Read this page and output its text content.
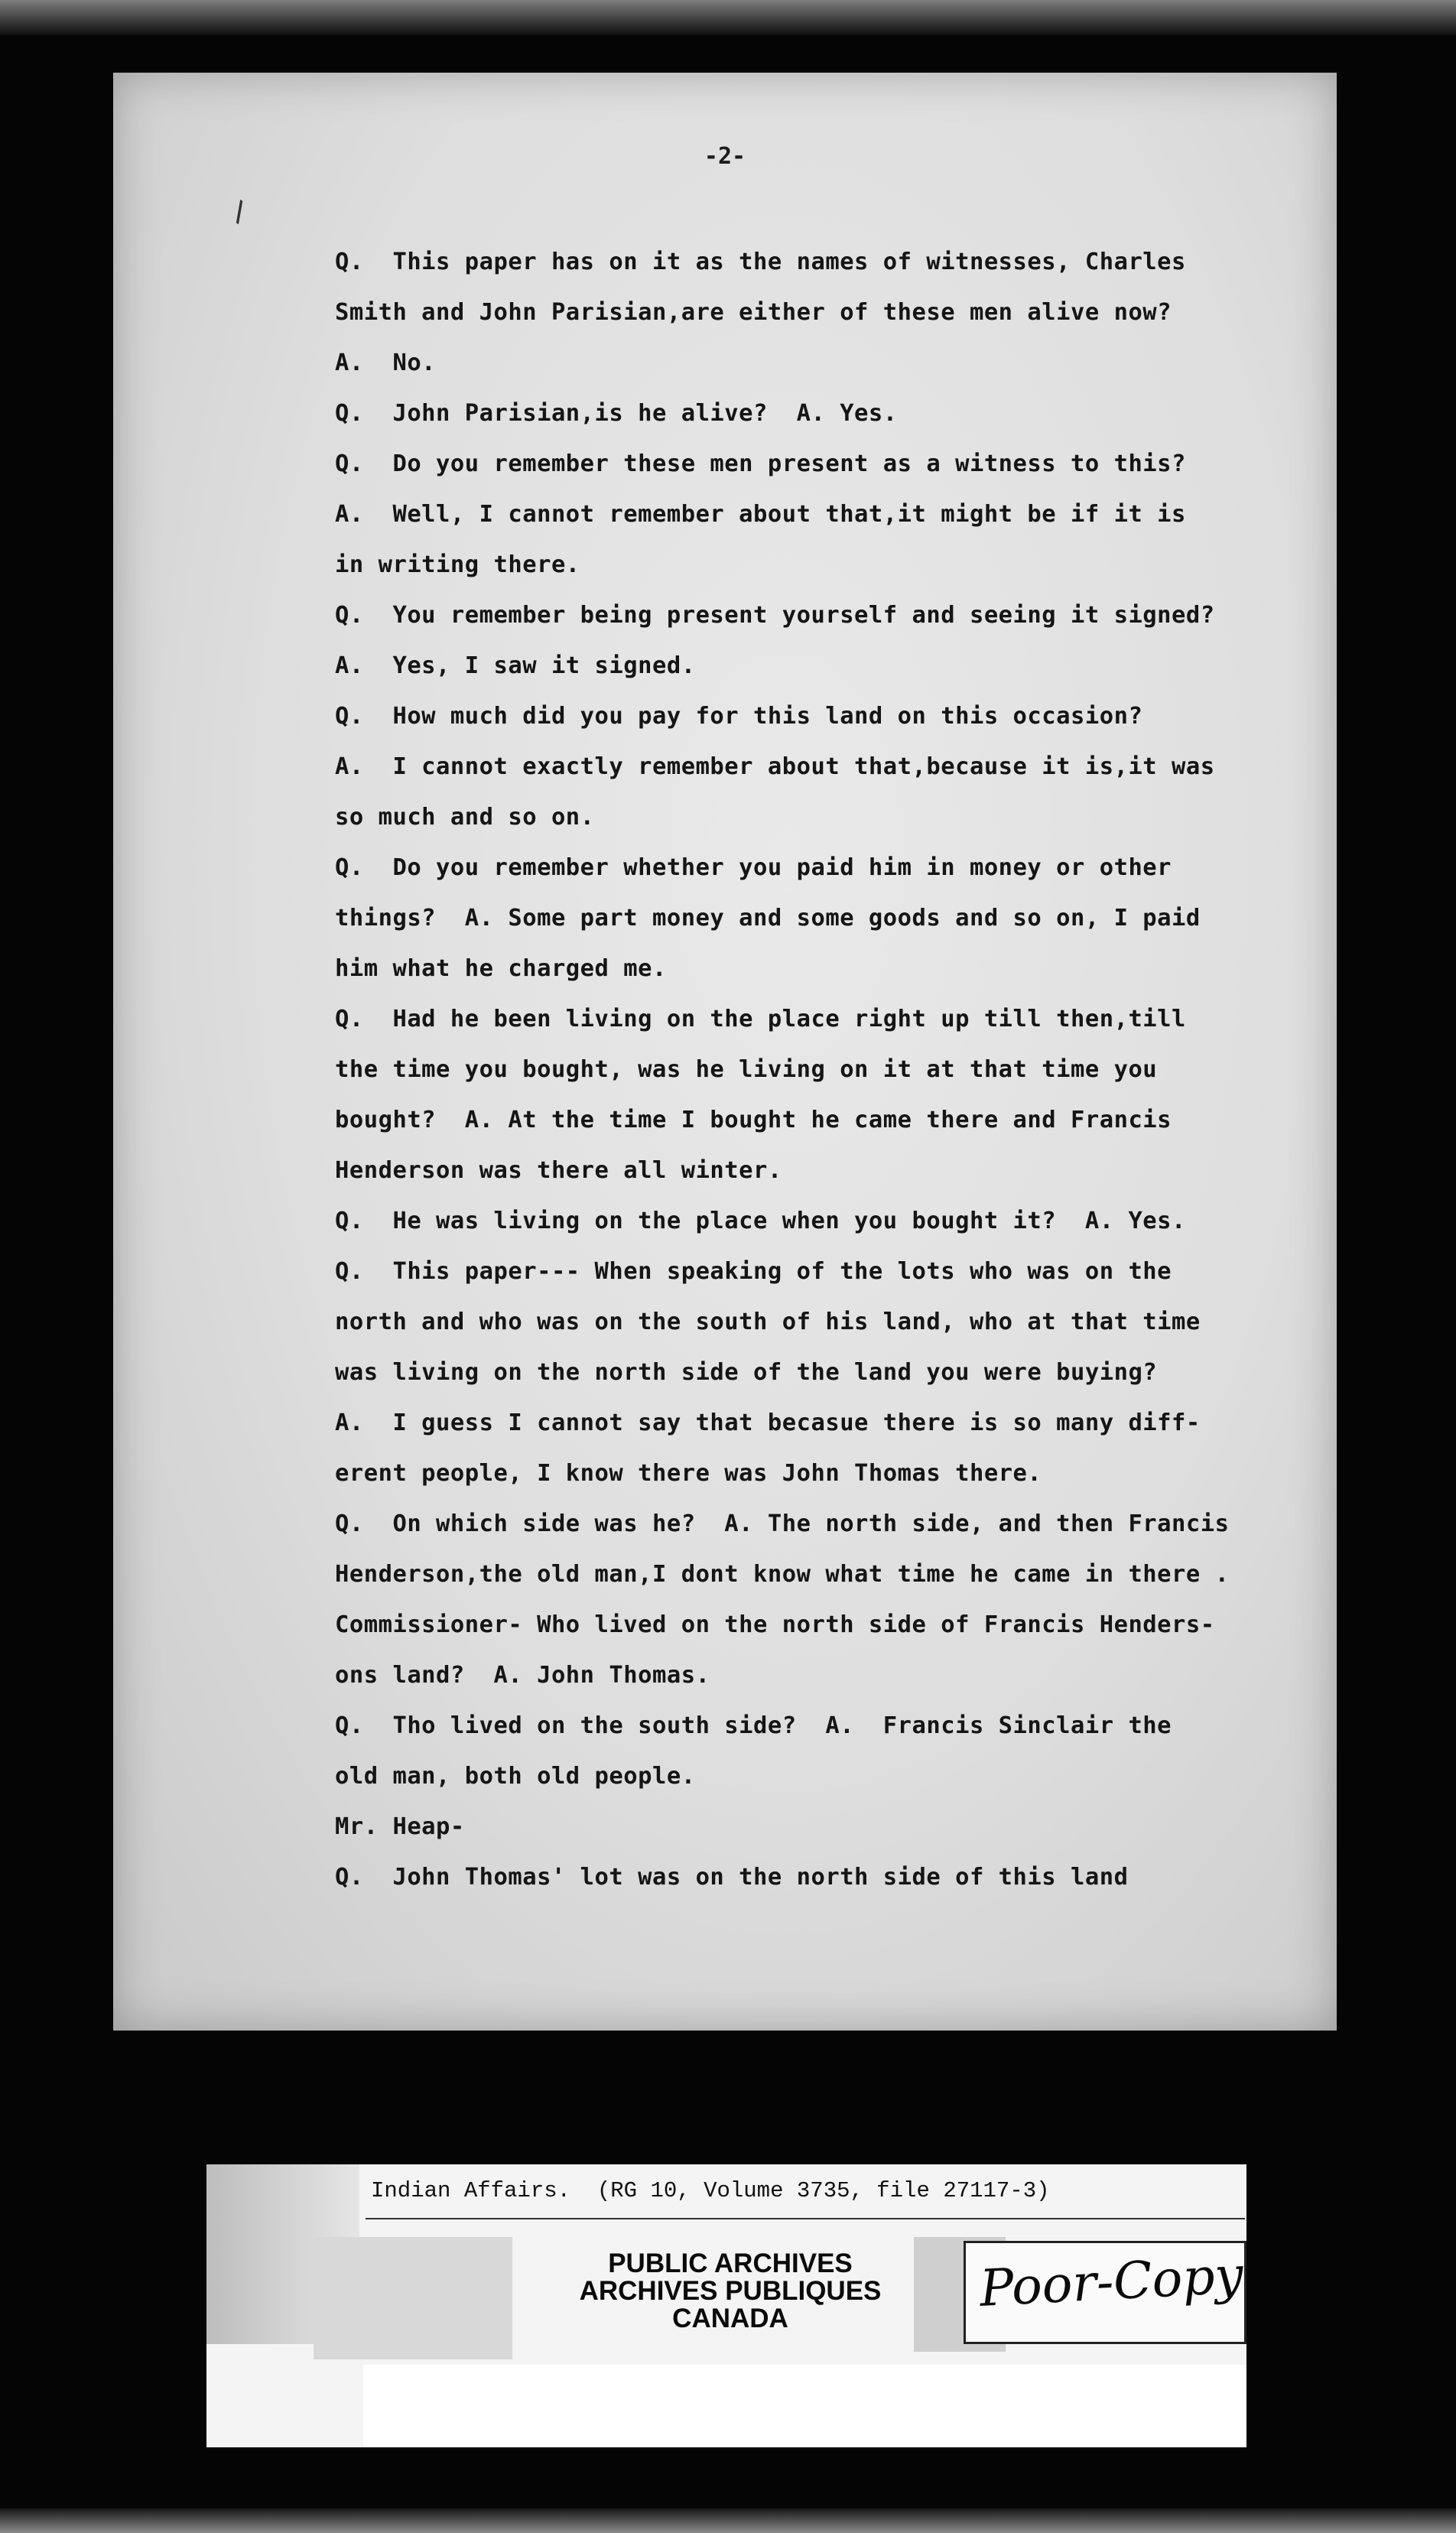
-2-
\
Q.  This paper has on it as the names of witnesses, Charles
Smith and John Parisian,are either of these men alive now?
A.  No.
Q.  John Parisian,is he alive?  A. Yes.
Q.  Do you remember these men present as a witness to this?
A.  Well, I cannot remember about that,it might be if it is
in writing there.
Q.  You remember being present yourself and seeing it signed?
A.  Yes, I saw it signed.
Q.  How much did you pay for this land on this occasion?
A.  I cannot exactly remember about that,because it is,it was
so much and so on.
Q.  Do you remember whether you paid him in money or other
things?  A. Some part money and some goods and so on, I paid
him what he charged me.
Q.  Had he been living on the place right up till then,till
the time you bought, was he living on it at that time you
bought?  A. At the time I bought he came there and Francis
Henderson was there all winter.
Q.  He was living on the place when you bought it?  A. Yes.
Q.  This paper--- When speaking of the lots who was on the
north and who was on the south of his land, who at that time
was living on the north side of the land you were buying?
A.  I guess I cannot say that becasue there is so many diff-
erent people, I know there was John Thomas there.
Q.  On which side was he?  A. The north side, and then Francis
Henderson,the old man,I dont know what time he came in there .
Commissioner- Who lived on the north side of Francis Henders-
ons land?  A. John Thomas.
Q.  Tho lived on the south side?  A.  Francis Sinclair the
old man, both old people.
Mr. Heap-
Q.  John Thomas' lot was on the north side of this land
Indian Affairs.  (RG 10, Volume 3735, file 27117-3)
PUBLIC ARCHIVES
ARCHIVES PUBLIQUES
CANADA
Poor-Copy
